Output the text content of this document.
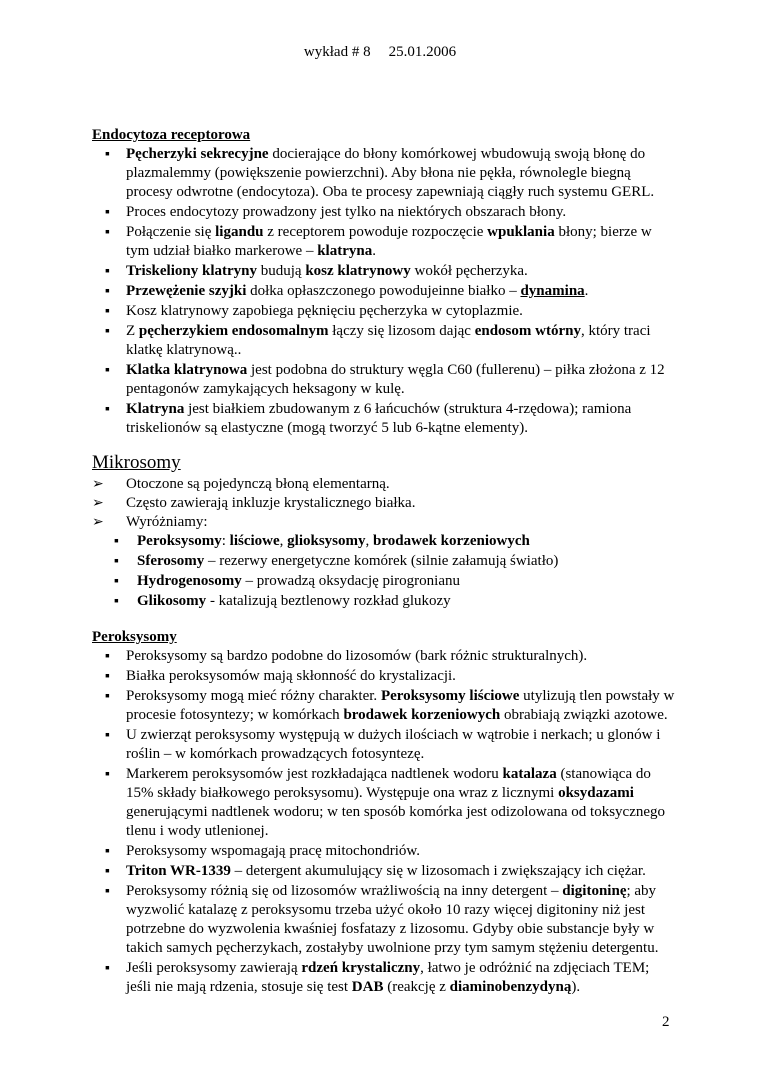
wykład # 8 25.01.2006

Endocytoza receptorowa

▪ Pęcherzyki sekrecyjne docierające do błony komórkowej wbudowują swoją błonę do plazmalemmy (powiększenie powierzchni). Aby błona nie pękła, równolegle biegną procesy odwrotne (endocytoza). Oba te procesy zapewniają ciągły ruch systemu GERL.
▪ Proces endocytozy prowadzony jest tylko na niektórych obszarach błony.
▪ Połączenie się ligandu z receptorem powoduje rozpoczęcie wpuklania błony; bierze w tym udział białko markerowe – klatryna.
▪ Triskeliony klatryny budują kosz klatrynowy wokół pęcherzyka.
▪ Przewężenie szyjki dołka opłaszczonego powodujeinne białko – dynamina.
▪ Kosz klatrynowy zapobiega pęknięciu pęcherzyka w cytoplazmie.
▪ Z pęcherzykiem endosomalnym łączy się lizosom dając endosom wtórny, który traci klatkę klatrynową..
▪ Klatka klatrynowa jest podobna do struktury węgla C60 (fullerenu) – piłka złożona z 12 pentagonów zamykających heksagony w kulę.
▪ Klatryna jest białkiem zbudowanym z 6 łańcuchów (struktura 4-rzędowa); ramiona triskelionów są elastyczne (mogą tworzyć 5 lub 6-kątne elementy).

Mikrosomy

➢ Otoczone są pojedynczą błoną elementarną.
➢ Często zawierają inkluzje krystalicznego białka.
➢ Wyróżniamy:
▪ Peroksysomy: liściowe, glioksysomy, brodawek korzeniowych
▪ Sferosomy – rezerwy energetyczne komórek (silnie załamują światło)
▪ Hydrogenosomy – prowadzą oksydację pirogronianu
▪ Glikosomy - katalizują beztlenowy rozkład glukozy

Peroksysomy

▪ Peroksysomy są bardzo podobne do lizosomów (bark różnic strukturalnych).
▪ Białka peroksysomów mają skłonność do krystalizacji.
▪ Peroksysomy mogą mieć różny charakter. Peroksysomy liściowe utylizują tlen powstały w procesie fotosyntezy; w komórkach brodawek korzeniowych obrabiają związki azotowe.
▪ U zwierząt peroksysomy występują w dużych ilościach w wątrobie i nerkach; u glonów i roślin – w komórkach prowadzących fotosyntezę.
▪ Markerem peroksysomów jest rozkładająca nadtlenek wodoru katalaza (stanowiąca do 15% składy białkowego peroksysomu). Występuje ona wraz z licznymi oksydazami generującymi nadtlenek wodoru; w ten sposób komórka jest odizolowana od toksycznego tlenu i wody utlenionej.
▪ Peroksysomy wspomagają pracę mitochondriów.
▪ Triton WR-1339 – detergent akumulujący się w lizosomach i zwiększający ich ciężar.
▪ Peroksysomy różnią się od lizosomów wrażliwością na inny detergent – digitoninę; aby wyzwolić katalazę z peroksysomu trzeba użyć około 10 razy więcej digitoniny niż jest potrzebne do wyzwolenia kwaśniej fosfatazy z lizosomu. Gdyby obie substancje były w takich samych pęcherzykach, zostałyby uwolnione przy tym samym stężeniu detergentu.
▪ Jeśli peroksysomy zawierają rdzeń krystaliczny, łatwo je odróżnić na zdjęciach TEM; jeśli nie mają rdzenia, stosuje się test DAB (reakcję z diaminobenzydyną).
2
